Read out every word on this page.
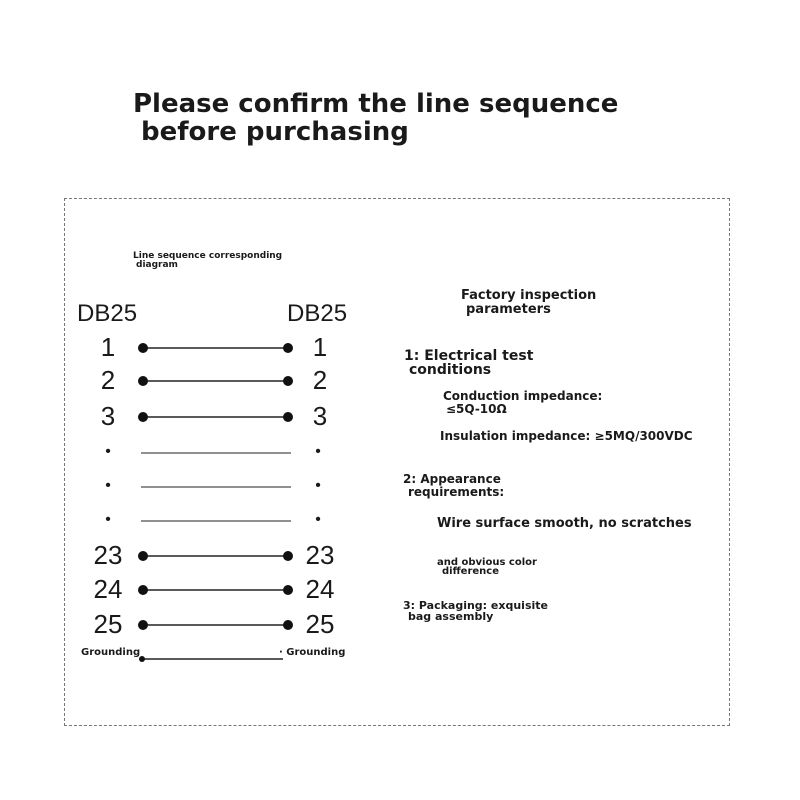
Please confirm the line sequence
before purchasing
Line sequence corresponding
diagram
DB25	DB25
1	1
2	2
3	3
•	•
•	•
•	•
23	23
24	24
25	25
Grounding	· Grounding
Factory inspection
parameters
1: Electrical test
conditions
Conduction impedance:
≤5Q-10Ω
Insulation impedance: ≥5MQ/300VDC
2: Appearance
requirements:
Wire surface smooth, no scratches
and obvious color
difference
3: Packaging: exquisite
bag assembly
